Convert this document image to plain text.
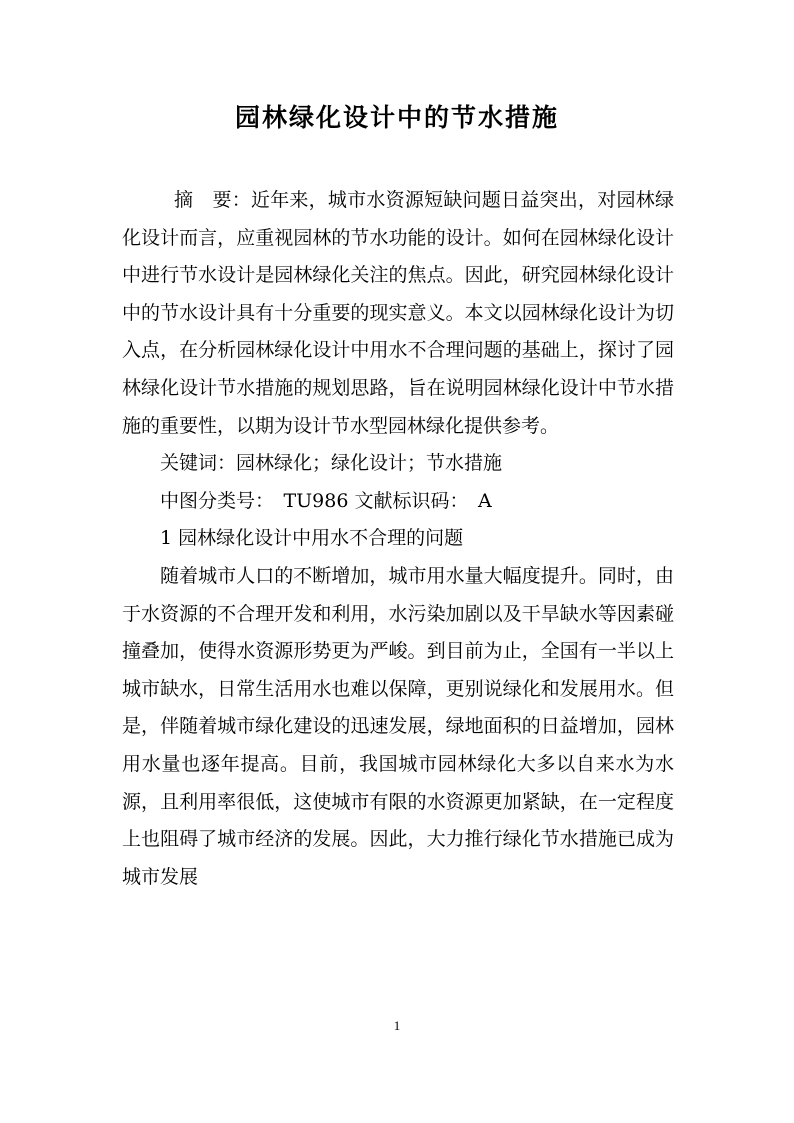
园林绿化设计中的节水措施

摘　要：近年来，城市水资源短缺问题日益突出，对园林绿化设计而言，应重视园林的节水功能的设计。如何在园林绿化设计中进行节水设计是园林绿化关注的焦点。因此，研究园林绿化设计中的节水设计具有十分重要的现实意义。本文以园林绿化设计为切入点，在分析园林绿化设计中用水不合理问题的基础上，探讨了园林绿化设计节水措施的规划思路，旨在说明园林绿化设计中节水措施的重要性，以期为设计节水型园林绿化提供参考。

关键词：园林绿化；绿化设计；节水措施

中图分类号：　TU986 文献标识码：　A

1 园林绿化设计中用水不合理的问题

随着城市人口的不断增加，城市用水量大幅度提升。同时，由于水资源的不合理开发和利用，水污染加剧以及干旱缺水等因素碰撞叠加，使得水资源形势更为严峻。到目前为止，全国有一半以上城市缺水，日常生活用水也难以保障，更别说绿化和发展用水。但是，伴随着城市绿化建设的迅速发展，绿地面积的日益增加，园林用水量也逐年提高。目前，我国城市园林绿化大多以自来水为水源，且利用率很低，这使城市有限的水资源更加紧缺，在一定程度上也阻碍了城市经济的发展。因此，大力推行绿化节水措施已成为城市发展

1
